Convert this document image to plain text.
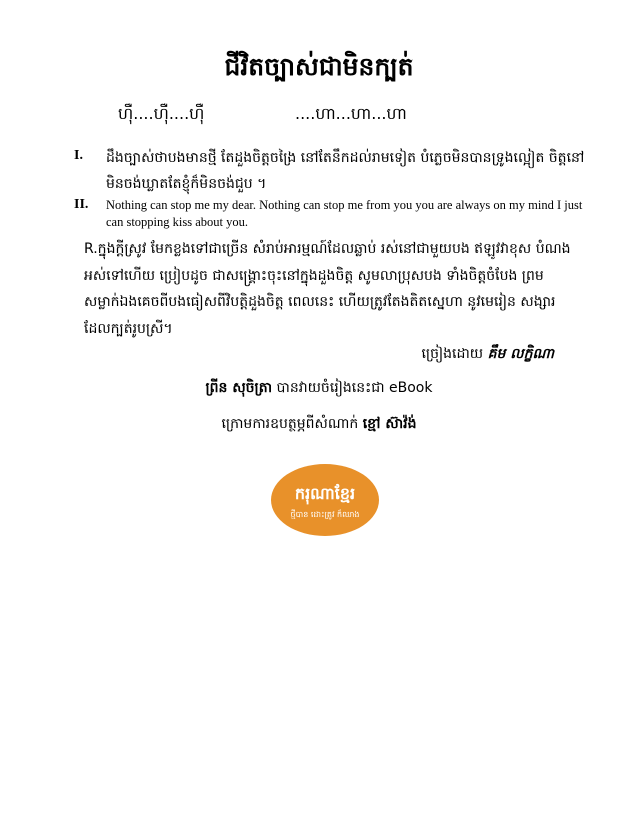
ជីវិតច្បាស់ជាមិនក្បត់
ហ៊ឺ....ហ៊ឺ....ហ៊ឺ	....ហា...ហា...ហា
I. ដឹងច្បាស់ថាបងមានថ្មី តែដួងចិត្តចង្រៃ នៅតែនឹកដល់រាមទៀត បំភ្លេចមិនបានទ្រូងល្អៀត ចិត្តនៅ មិនចង់ឃ្លាតតែខ្ញុំក៏មិនចង់ជួប ។
II. Nothing can stop me my dear. Nothing can stop me from you you are always on my mind I just can stopping kiss about you.
R.ក្នុងក្តីស្រូវ មែកខ្លងទៅជាច្រើន សំរាប់អារម្មណ៍ដែលឆ្លាប់ រស់នៅជាមួយបង ឥឡូវវាខុស បំណងអស់ទៅហើយ ប្រៀបដូច ជាសង្គ្រោះចុះនៅក្នុងដួងចិត្ត សូមលាប្រុសបង ទាំងចិត្តចំបែង ព្រមសម្លាក់ឯងគេចពីបងធៀសពីវិបត្តិដួងចិត្ត ពេលនេះ ហើយត្រូវតែងតិតស្នេហា នូវមេរៀន សង្សារ ដែលក្បត់រូបស្រី។
ច្រៀងដោយ គឹម លក្ខិណា
ព្រីន សុចិត្រា បានវាយចំរៀងនេះជា eBook
ក្រោមការឧបត្ថម្ភពីសំណាក់ ខ្មៅ ស៊ាវ៉ង់
ករុណាខ្មែរ
ថ្មីបាន ដោះត្រូវ ក៏ឈាង
